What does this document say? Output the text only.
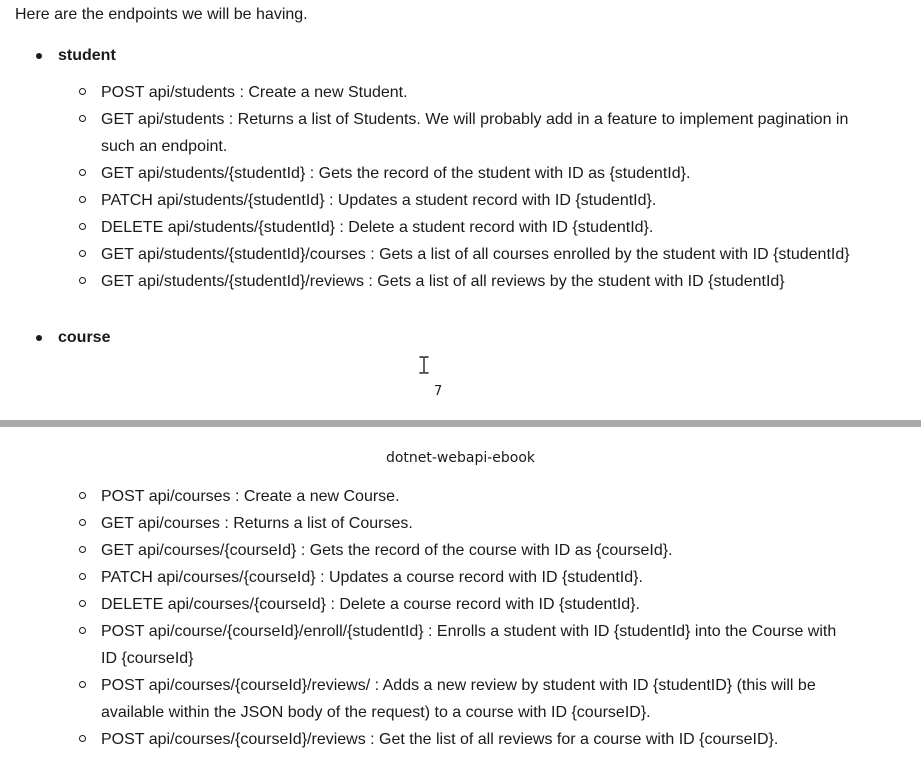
Here are the endpoints we will be having.

student
POST api/students : Create a new Student.
GET api/students : Returns a list of Students. We will probably add in a feature to implement pagination in such an endpoint.
GET api/students/{studentId} : Gets the record of the student with ID as {studentId}.
PATCH api/students/{studentId} : Updates a student record with ID {studentId}.
DELETE api/students/{studentId} : Delete a student record with ID {studentId}.
GET api/students/{studentId}/courses : Gets a list of all courses enrolled by the student with ID {studentId}
GET api/students/{studentId}/reviews : Gets a list of all reviews by the student with ID {studentId}
course
7
dotnet-webapi-ebook
POST api/courses : Create a new Course.
GET api/courses : Returns a list of Courses.
GET api/courses/{courseId} : Gets the record of the course with ID as {courseId}.
PATCH api/courses/{courseId} : Updates a course record with ID {studentId}.
DELETE api/courses/{courseId} : Delete a course record with ID {studentId}.
POST api/course/{courseId}/enroll/{studentId} : Enrolls a student with ID {studentId} into the Course with ID {courseId}
POST api/courses/{courseId}/reviews/ : Adds a new review by student with ID {studentID} (this will be available within the JSON body of the request) to a course with ID {courseID}.
POST api/courses/{courseId}/reviews : Get the list of all reviews for a course with ID {courseID}.
